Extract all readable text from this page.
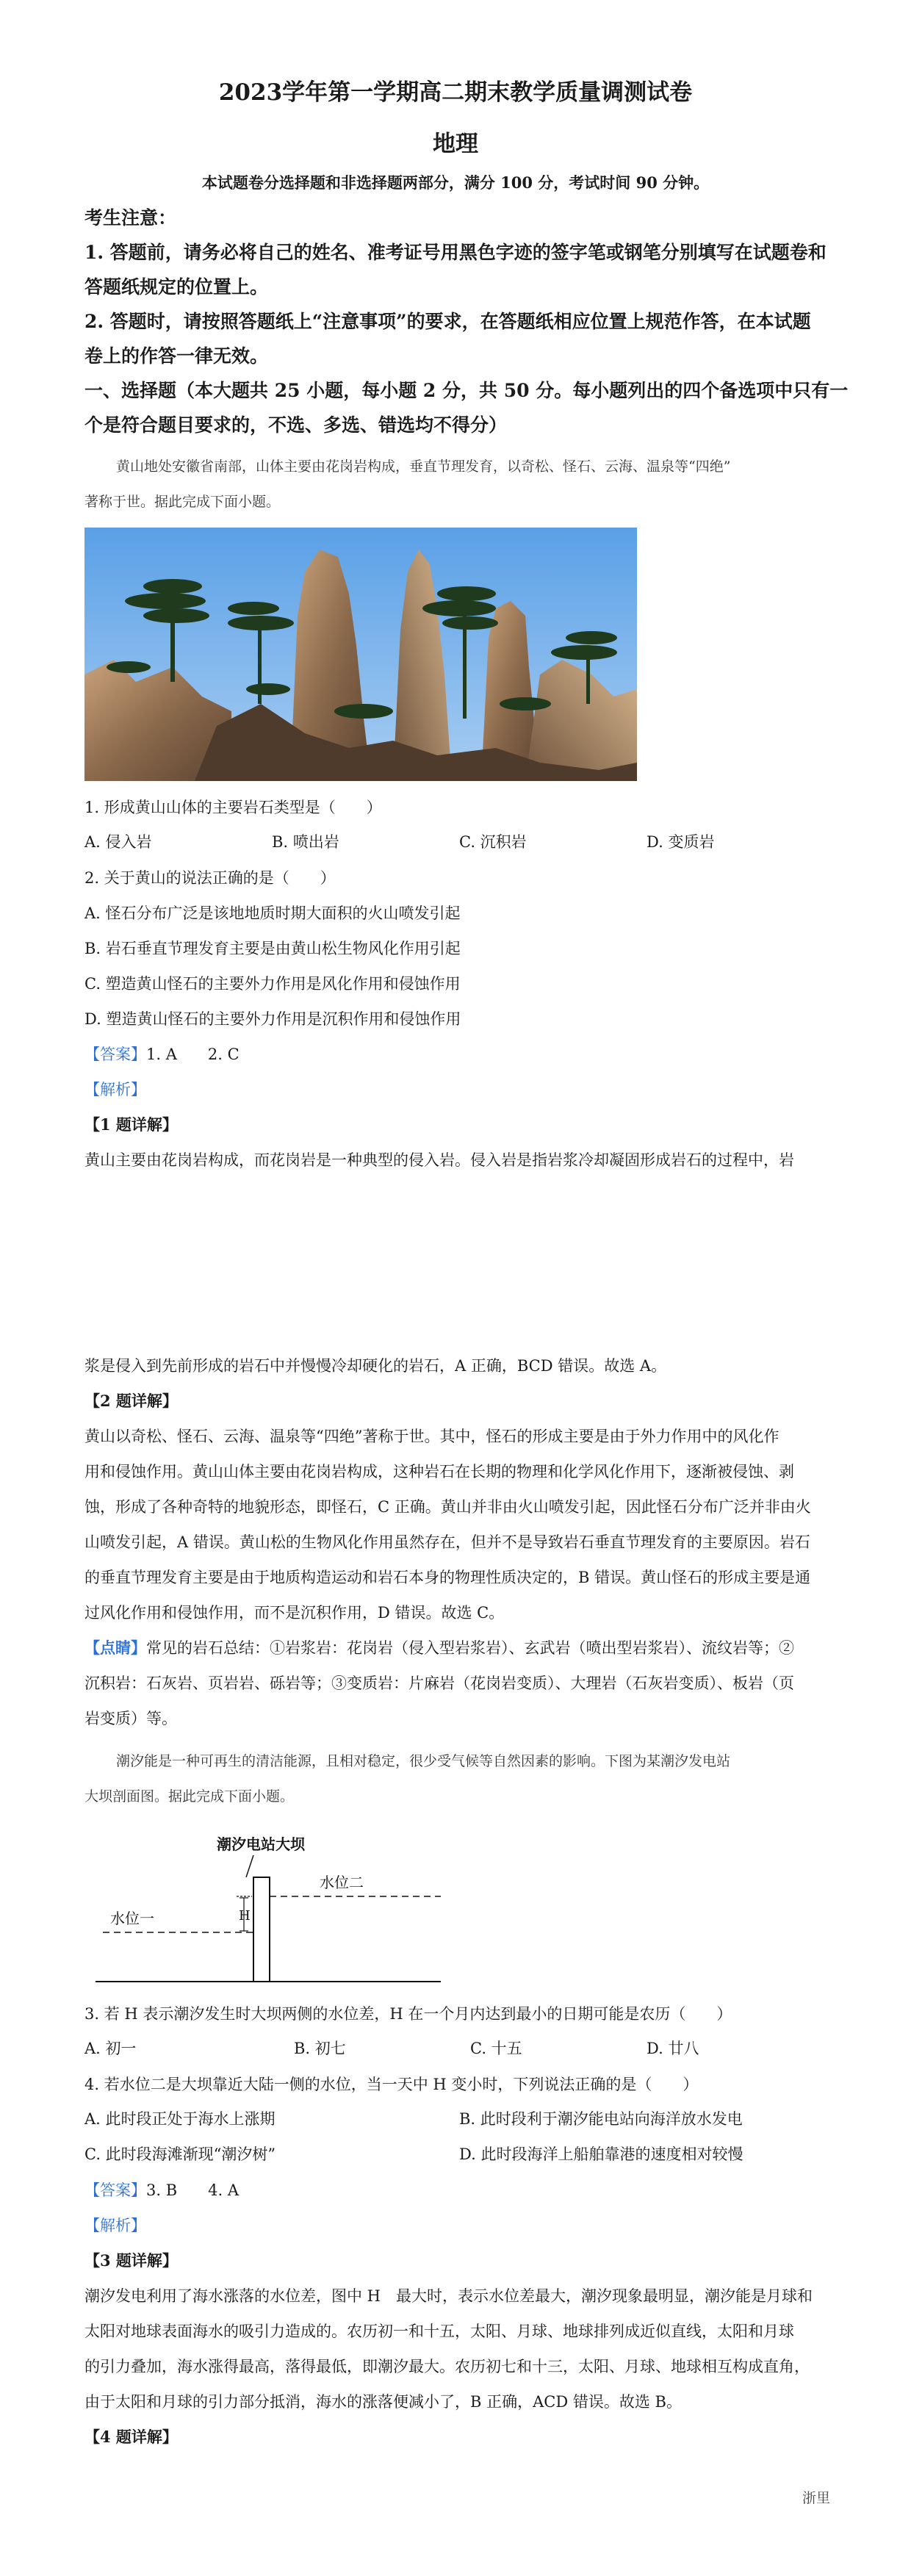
2023学年第一学期高二期末教学质量调测试卷
地理
本试题卷分选择题和非选择题两部分，满分 100 分，考试时间 90 分钟。
考生注意：
1. 答题前，请务必将自己的姓名、准考证号用黑色字迹的签字笔或钢笔分别填写在试题卷和
答题纸规定的位置上。
2. 答题时，请按照答题纸上“注意事项”的要求，在答题纸相应位置上规范作答，在本试题
卷上的作答一律无效。
一、选择题（本大题共 25 小题，每小题 2 分，共 50 分。每小题列出的四个备选项中只有一
个是符合题目要求的，不选、多选、错选均不得分）
黄山地处安徽省南部，山体主要由花岗岩构成，垂直节理发育，以奇松、怪石、云海、温泉等“四绝”
著称于世。据此完成下面小题。
1. 形成黄山山体的主要岩石类型是（　　）
A. 侵入岩	B. 喷出岩	C. 沉积岩	D. 变质岩
2. 关于黄山的说法正确的是（　　）
A. 怪石分布广泛是该地地质时期大面积的火山喷发引起
B. 岩石垂直节理发育主要是由黄山松生物风化作用引起
C. 塑造黄山怪石的主要外力作用是风化作用和侵蚀作用
D. 塑造黄山怪石的主要外力作用是沉积作用和侵蚀作用
【答案】1. A　　2. C
【解析】
【1 题详解】
黄山主要由花岗岩构成，而花岗岩是一种典型的侵入岩。侵入岩是指岩浆冷却凝固形成岩石的过程中，岩
浆是侵入到先前形成的岩石中并慢慢冷却硬化的岩石，A 正确，BCD 错误。故选 A。
【2 题详解】
黄山以奇松、怪石、云海、温泉等“四绝”著称于世。其中，怪石的形成主要是由于外力作用中的风化作
用和侵蚀作用。黄山山体主要由花岗岩构成，这种岩石在长期的物理和化学风化作用下，逐渐被侵蚀、剥
蚀，形成了各种奇特的地貌形态，即怪石，C 正确。黄山并非由火山喷发引起，因此怪石分布广泛并非由火
山喷发引起，A 错误。黄山松的生物风化作用虽然存在，但并不是导致岩石垂直节理发育的主要原因。岩石
的垂直节理发育主要是由于地质构造运动和岩石本身的物理性质决定的，B 错误。黄山怪石的形成主要是通
过风化作用和侵蚀作用，而不是沉积作用，D 错误。故选 C。
【点睛】常见的岩石总结：①岩浆岩：花岗岩（侵入型岩浆岩）、玄武岩（喷出型岩浆岩）、流纹岩等；②
沉积岩：石灰岩、页岩岩、砾岩等；③变质岩：片麻岩（花岗岩变质）、大理岩（石灰岩变质）、板岩（页
岩变质）等。
潮汐能是一种可再生的清洁能源，且相对稳定，很少受气候等自然因素的影响。下图为某潮汐发电站
大坝剖面图。据此完成下面小题。
潮汐电站大坝
水位二
水位一	H
3. 若 H 表示潮汐发生时大坝两侧的水位差，H 在一个月内达到最小的日期可能是农历（　　）
A. 初一	B. 初七	C. 十五	D. 廿八
4. 若水位二是大坝靠近大陆一侧的水位，当一天中 H 变小时，下列说法正确的是（　　）
A. 此时段正处于海水上涨期	B. 此时段利于潮汐能电站向海洋放水发电
C. 此时段海滩渐现“潮汐树”	D. 此时段海洋上船舶靠港的速度相对较慢
【答案】3. B　　4. A
【解析】
【3 题详解】
潮汐发电利用了海水涨落的水位差，图中 H　最大时，表示水位差最大，潮汐现象最明显，潮汐能是月球和
太阳对地球表面海水的吸引力造成的。农历初一和十五，太阳、月球、地球排列成近似直线，太阳和月球
的引力叠加，海水涨得最高，落得最低，即潮汐最大。农历初七和十三，太阳、月球、地球相互构成直角，
由于太阳和月球的引力部分抵消，海水的涨落便减小了，B 正确，ACD 错误。故选 B。
【4 题详解】
浙里
